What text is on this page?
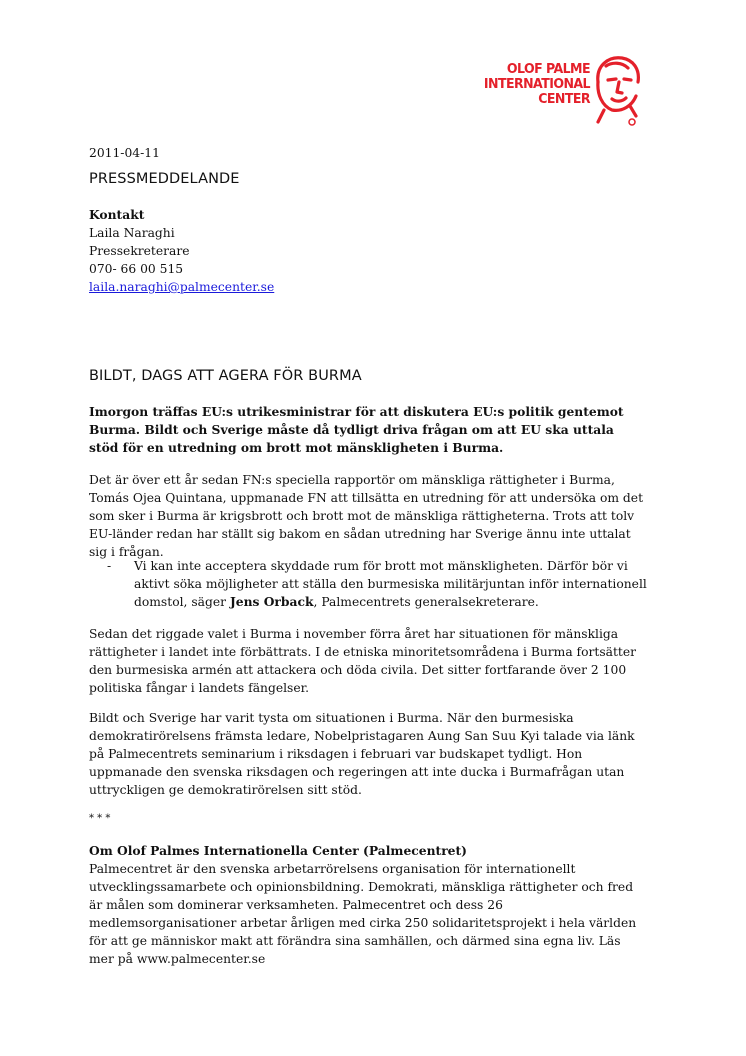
OLOF PALME
INTERNATIONAL
CENTER
2011-04-11
PRESSMEDDELANDE
Kontakt
Laila Naraghi
Pressekreterare
070- 66 00 515
laila.naraghi@palmecenter.se
BILDT, DAGS ATT AGERA FÖR BURMA

Imorgon träffas EU:s utrikesministrar för att diskutera EU:s politik gentemot Burma. Bildt och Sverige måste då tydligt driva frågan om att EU ska uttala stöd för en utredning om brott mot mänskligheten i Burma.

Det är över ett år sedan FN:s speciella rapportör om mänskliga rättigheter i Burma, Tomás Ojea Quintana, uppmanade FN att tillsätta en utredning för att undersöka om det som sker i Burma är krigsbrott och brott mot de mänskliga rättigheterna. Trots att tolv EU-länder redan har ställt sig bakom en sådan utredning har Sverige ännu inte uttalat sig i frågan.

- Vi kan inte acceptera skyddade rum för brott mot mänskligheten. Därför bör vi aktivt söka möjligheter att ställa den burmesiska militärjuntan inför internationell domstol, säger Jens Orback, Palmecentrets generalsekreterare.

Sedan det riggade valet i Burma i november förra året har situationen för mänskliga rättigheter i landet inte förbättrats. I de etniska minoritetsområdena i Burma fortsätter den burmesiska armén att attackera och döda civila. Det sitter fortfarande över 2 100 politiska fångar i landets fängelser.

Bildt och Sverige har varit tysta om situationen i Burma. När den burmesiska demokratirörelsens främsta ledare, Nobelpristagaren Aung San Suu Kyi talade via länk på Palmecentrets seminarium i riksdagen i februari var budskapet tydligt. Hon uppmanade den svenska riksdagen och regeringen att inte ducka i Burmafrågan utan uttryckligen ge demokratirörelsen sitt stöd.

* * *
Om Olof Palmes Internationella Center (Palmecentret)

Palmecentret är den svenska arbetarrörelsens organisation för internationellt utvecklingssamarbete och opinionsbildning. Demokrati, mänskliga rättigheter och fred är målen som dominerar verksamheten. Palmecentret och dess 26 medlemsorganisationer arbetar årligen med cirka 250 solidaritetsprojekt i hela världen för att ge människor makt att förändra sina samhällen, och därmed sina egna liv. Läs mer på www.palmecenter.se
